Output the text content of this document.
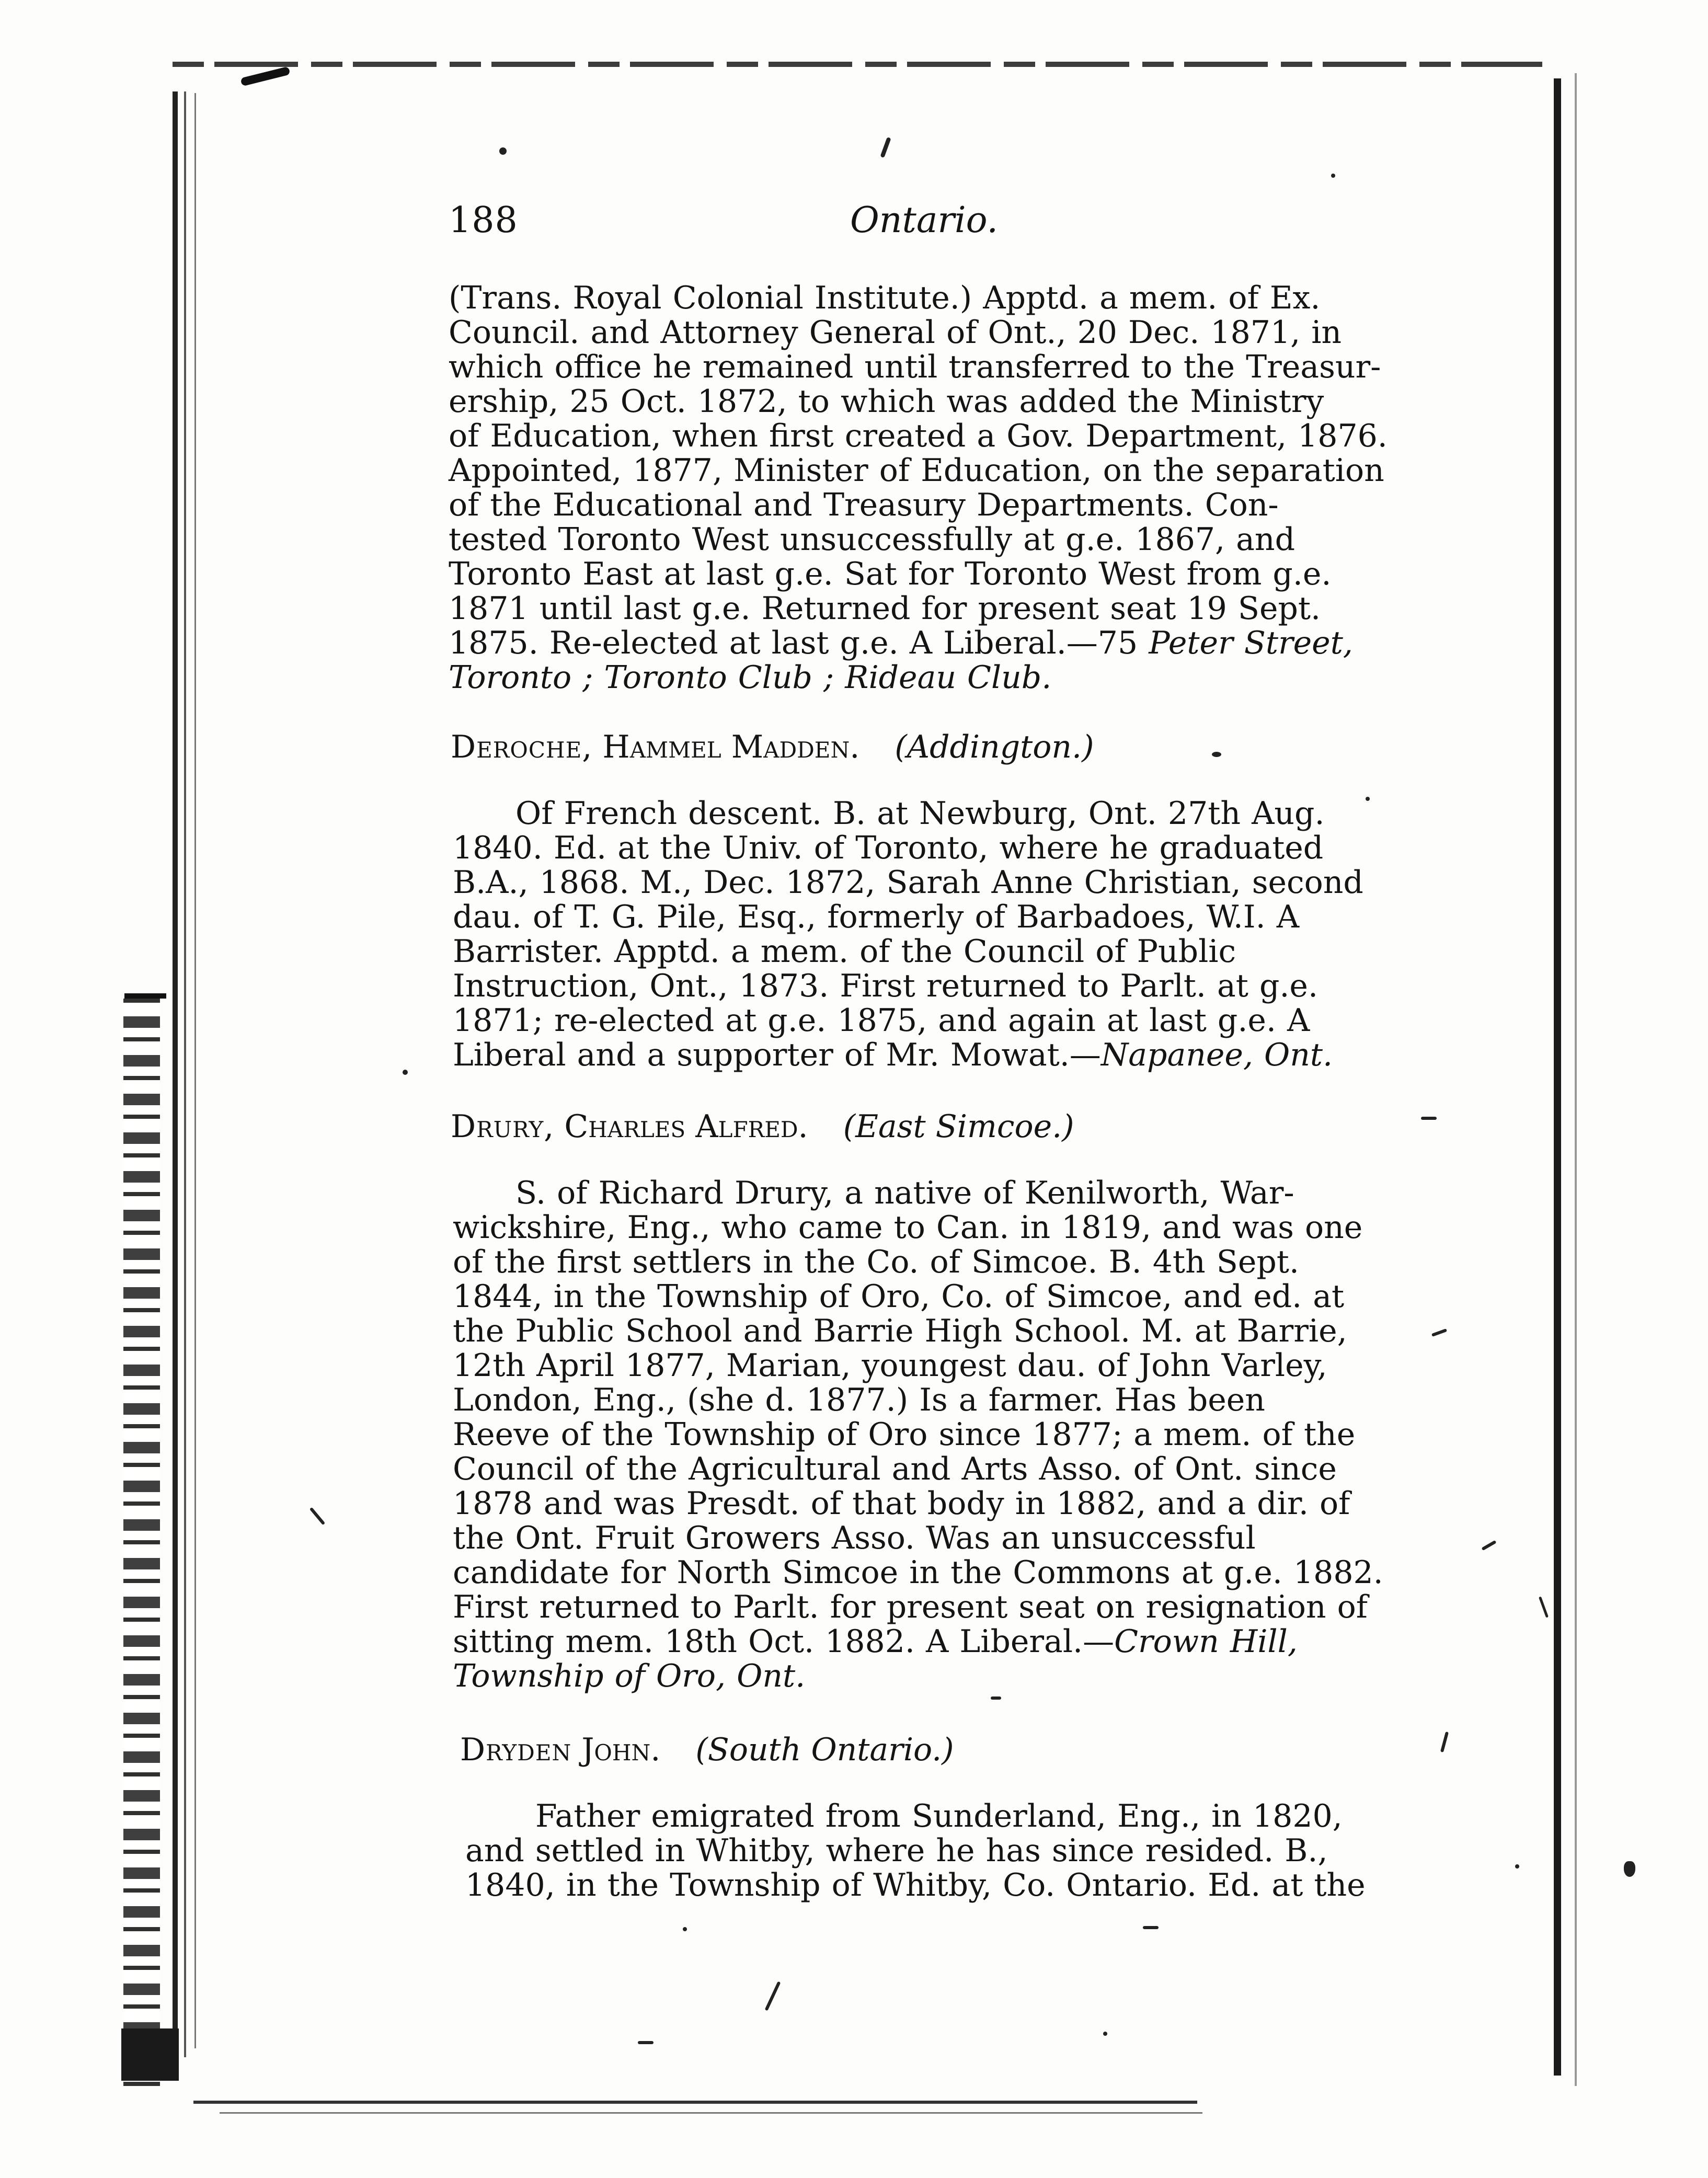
188	Ontario.
(Trans. Royal Colonial Institute.) Apptd. a mem. of Ex.
Council. and Attorney General of Ont., 20 Dec. 1871, in
which office he remained until transferred to the Treasur-
ership, 25 Oct. 1872, to which was added the Ministry
of Education, when first created a Gov. Department, 1876.
Appointed, 1877, Minister of Education, on the separation
of the Educational and Treasury Departments. Con-
tested Toronto West unsuccessfully at g.e. 1867, and
Toronto East at last g.e. Sat for Toronto West from g.e.
1871 until last g.e. Returned for present seat 19 Sept.
1875. Re-elected at last g.e. A Liberal.—75 Peter Street,
Toronto ; Toronto Club ; Rideau Club.
Deroche, Hammel Madden. (Addington.)
Of French descent. B. at Newburg, Ont. 27th Aug.
1840. Ed. at the Univ. of Toronto, where he graduated
B.A., 1868. M., Dec. 1872, Sarah Anne Christian, second
dau. of T. G. Pile, Esq., formerly of Barbadoes, W.I. A
Barrister. Apptd. a mem. of the Council of Public
Instruction, Ont., 1873. First returned to Parlt. at g.e.
1871; re-elected at g.e. 1875, and again at last g.e. A
Liberal and a supporter of Mr. Mowat.—Napanee, Ont.
Drury, Charles Alfred. (East Simcoe.)
S. of Richard Drury, a native of Kenilworth, War-
wickshire, Eng., who came to Can. in 1819, and was one
of the first settlers in the Co. of Simcoe. B. 4th Sept.
1844, in the Township of Oro, Co. of Simcoe, and ed. at
the Public School and Barrie High School. M. at Barrie,
12th April 1877, Marian, youngest dau. of John Varley,
London, Eng., (she d. 1877.) Is a farmer. Has been
Reeve of the Township of Oro since 1877; a mem. of the
Council of the Agricultural and Arts Asso. of Ont. since
1878 and was Presdt. of that body in 1882, and a dir. of
the Ont. Fruit Growers Asso. Was an unsuccessful
candidate for North Simcoe in the Commons at g.e. 1882.
First returned to Parlt. for present seat on resignation of
sitting mem. 18th Oct. 1882. A Liberal.—Crown Hill,
Township of Oro, Ont.
Dryden John. (South Ontario.)
Father emigrated from Sunderland, Eng., in 1820,
and settled in Whitby, where he has since resided. B.,
1840, in the Township of Whitby, Co. Ontario. Ed. at the
